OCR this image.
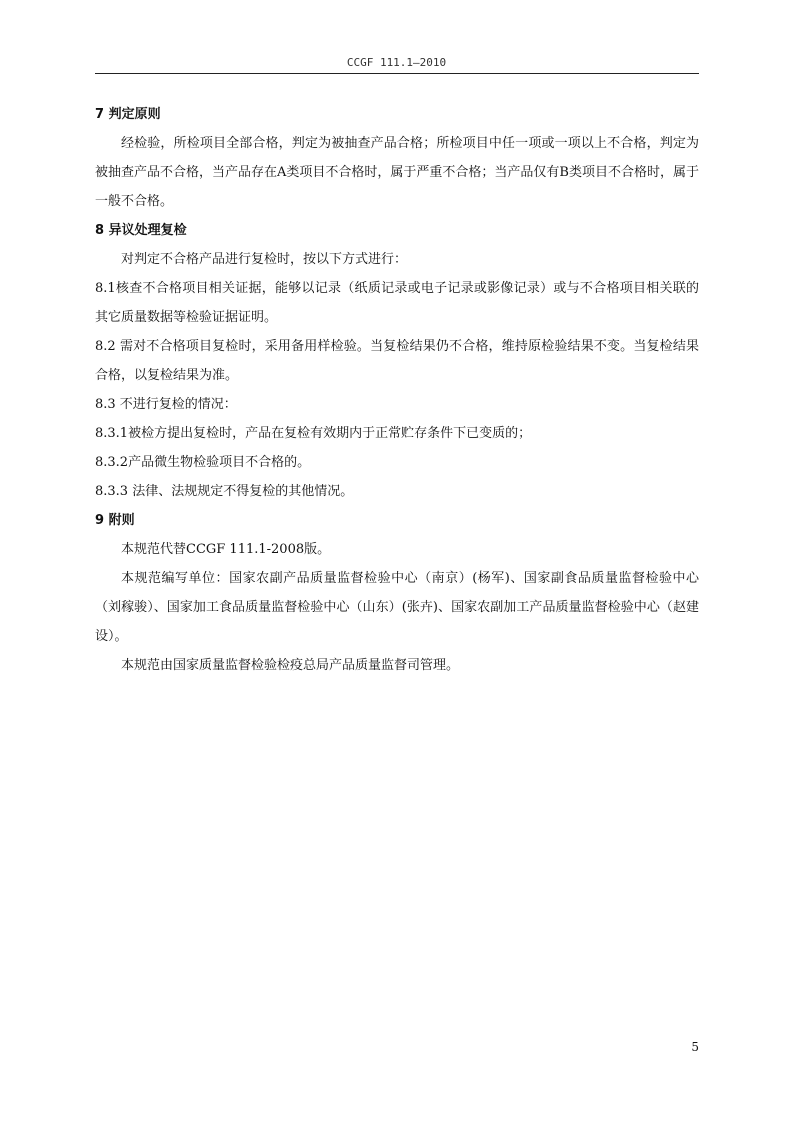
CCGF 111.1—2010

7 判定原则

经检验，所检项目全部合格，判定为被抽查产品合格；所检项目中任一项或一项以上不合格，判定为被抽查产品不合格，当产品存在A类项目不合格时，属于严重不合格；当产品仅有B类项目不合格时，属于一般不合格。

8 异议处理复检

对判定不合格产品进行复检时，按以下方式进行：

8.1核查不合格项目相关证据，能够以记录（纸质记录或电子记录或影像记录）或与不合格项目相关联的其它质量数据等检验证据证明。

8.2 需对不合格项目复检时，采用备用样检验。当复检结果仍不合格，维持原检验结果不变。当复检结果合格，以复检结果为准。

8.3 不进行复检的情况：

8.3.1被检方提出复检时，产品在复检有效期内于正常贮存条件下已变质的；

8.3.2产品微生物检验项目不合格的。

8.3.3 法律、法规规定不得复检的其他情况。

9 附则

本规范代替CCGF 111.1-2008版。

本规范编写单位：国家农副产品质量监督检验中心（南京）(杨军)、国家副食品质量监督检验中心（刘稼骏）、国家加工食品质量监督检验中心（山东）(张卉)、国家农副加工产品质量监督检验中心（赵建设）。

本规范由国家质量监督检验检疫总局产品质量监督司管理。

5
